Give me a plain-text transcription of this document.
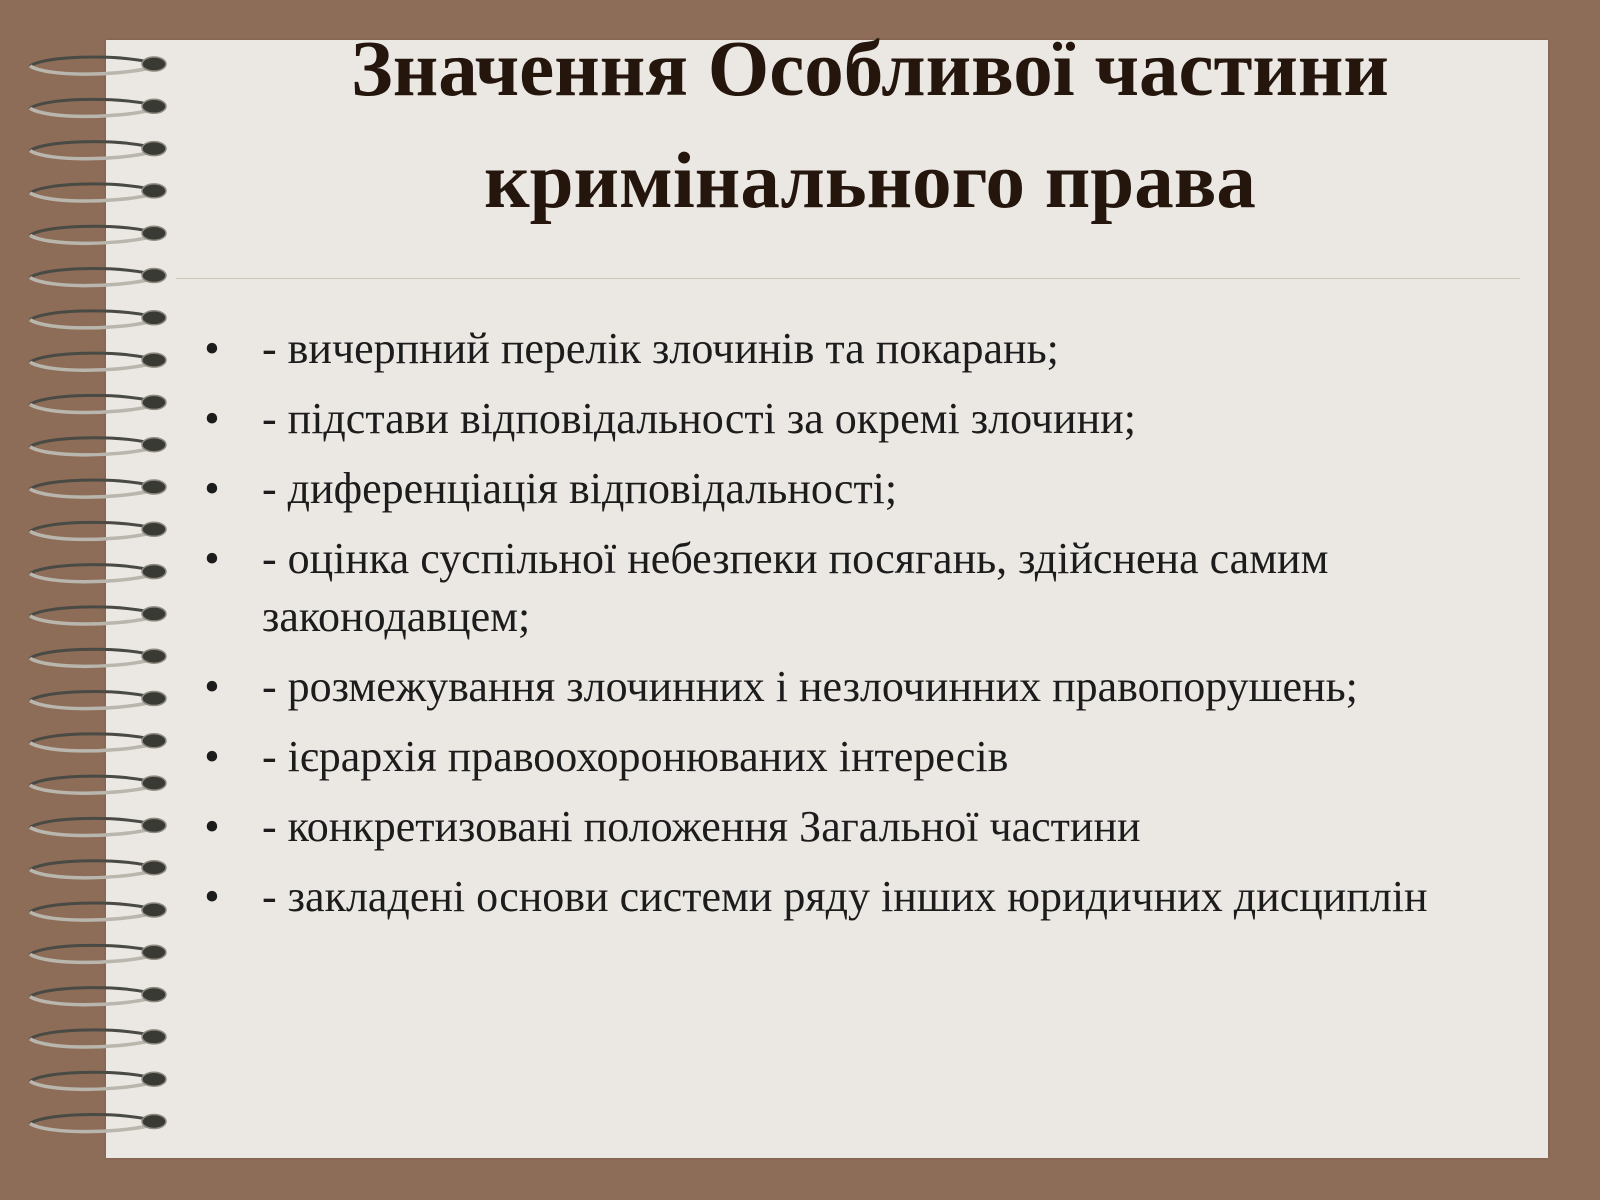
Значення Особливої частини
кримінального права
• - вичерпний перелік злочинів та покарань;
• - підстави відповідальності за окремі злочини;
• - диференціація відповідальності;
• - оцінка суспільної небезпеки посягань, здійснена самим законодавцем;
• - розмежування злочинних і незлочинних правопорушень;
• - ієрархія правоохоронюваних інтересів
• - конкретизовані положення Загальної частини
• - закладені основи системи ряду інших юридичних дисциплін
